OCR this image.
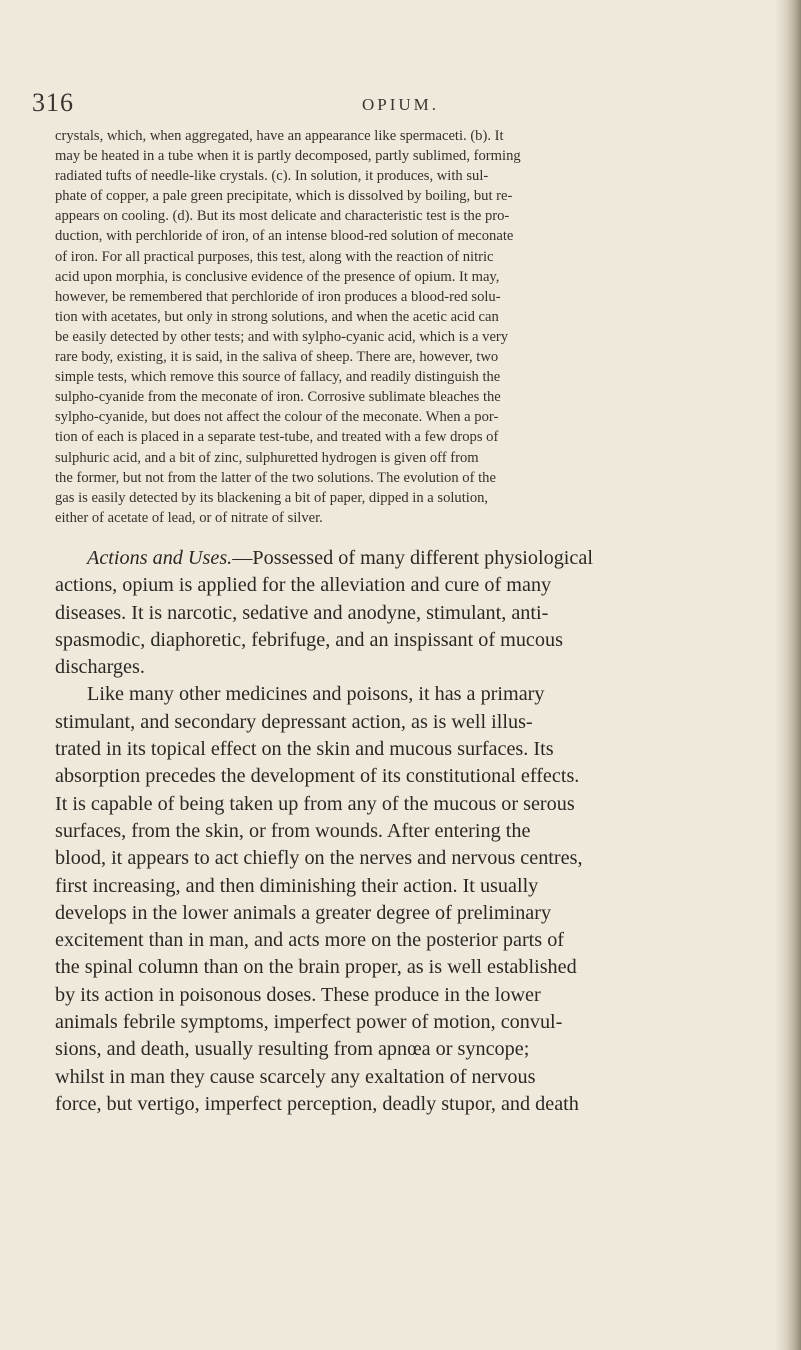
316	OPIUM.
crystals, which, when aggregated, have an appearance like spermaceti. (b). It
may be heated in a tube when it is partly decomposed, partly sublimed, forming
radiated tufts of needle-like crystals. (c). In solution, it produces, with sul-
phate of copper, a pale green precipitate, which is dissolved by boiling, but re-
appears on cooling. (d). But its most delicate and characteristic test is the pro-
duction, with perchloride of iron, of an intense blood-red solution of meconate
of iron. For all practical purposes, this test, along with the reaction of nitric
acid upon morphia, is conclusive evidence of the presence of opium. It may,
however, be remembered that perchloride of iron produces a blood-red solu-
tion with acetates, but only in strong solutions, and when the acetic acid can
be easily detected by other tests; and with sylpho-cyanic acid, which is a very
rare body, existing, it is said, in the saliva of sheep. There are, however, two
simple tests, which remove this source of fallacy, and readily distinguish the
sulpho-cyanide from the meconate of iron. Corrosive sublimate bleaches the
sylpho-cyanide, but does not affect the colour of the meconate. When a por-
tion of each is placed in a separate test-tube, and treated with a few drops of
sulphuric acid, and a bit of zinc, sulphuretted hydrogen is given off from
the former, but not from the latter of the two solutions. The evolution of the
gas is easily detected by its blackening a bit of paper, dipped in a solution,
either of acetate of lead, or of nitrate of silver.
Actions and Uses.—Possessed of many different physiological
actions, opium is applied for the alleviation and cure of many
diseases. It is narcotic, sedative and anodyne, stimulant, anti-
spasmodic, diaphoretic, febrifuge, and an inspissant of mucous
discharges.
Like many other medicines and poisons, it has a primary
stimulant, and secondary depressant action, as is well illus-
trated in its topical effect on the skin and mucous surfaces. Its
absorption precedes the development of its constitutional effects.
It is capable of being taken up from any of the mucous or serous
surfaces, from the skin, or from wounds. After entering the
blood, it appears to act chiefly on the nerves and nervous centres,
first increasing, and then diminishing their action. It usually
develops in the lower animals a greater degree of preliminary
excitement than in man, and acts more on the posterior parts of
the spinal column than on the brain proper, as is well established
by its action in poisonous doses. These produce in the lower
animals febrile symptoms, imperfect power of motion, convul-
sions, and death, usually resulting from apnœa or syncope;
whilst in man they cause scarcely any exaltation of nervous
force, but vertigo, imperfect perception, deadly stupor, and death
